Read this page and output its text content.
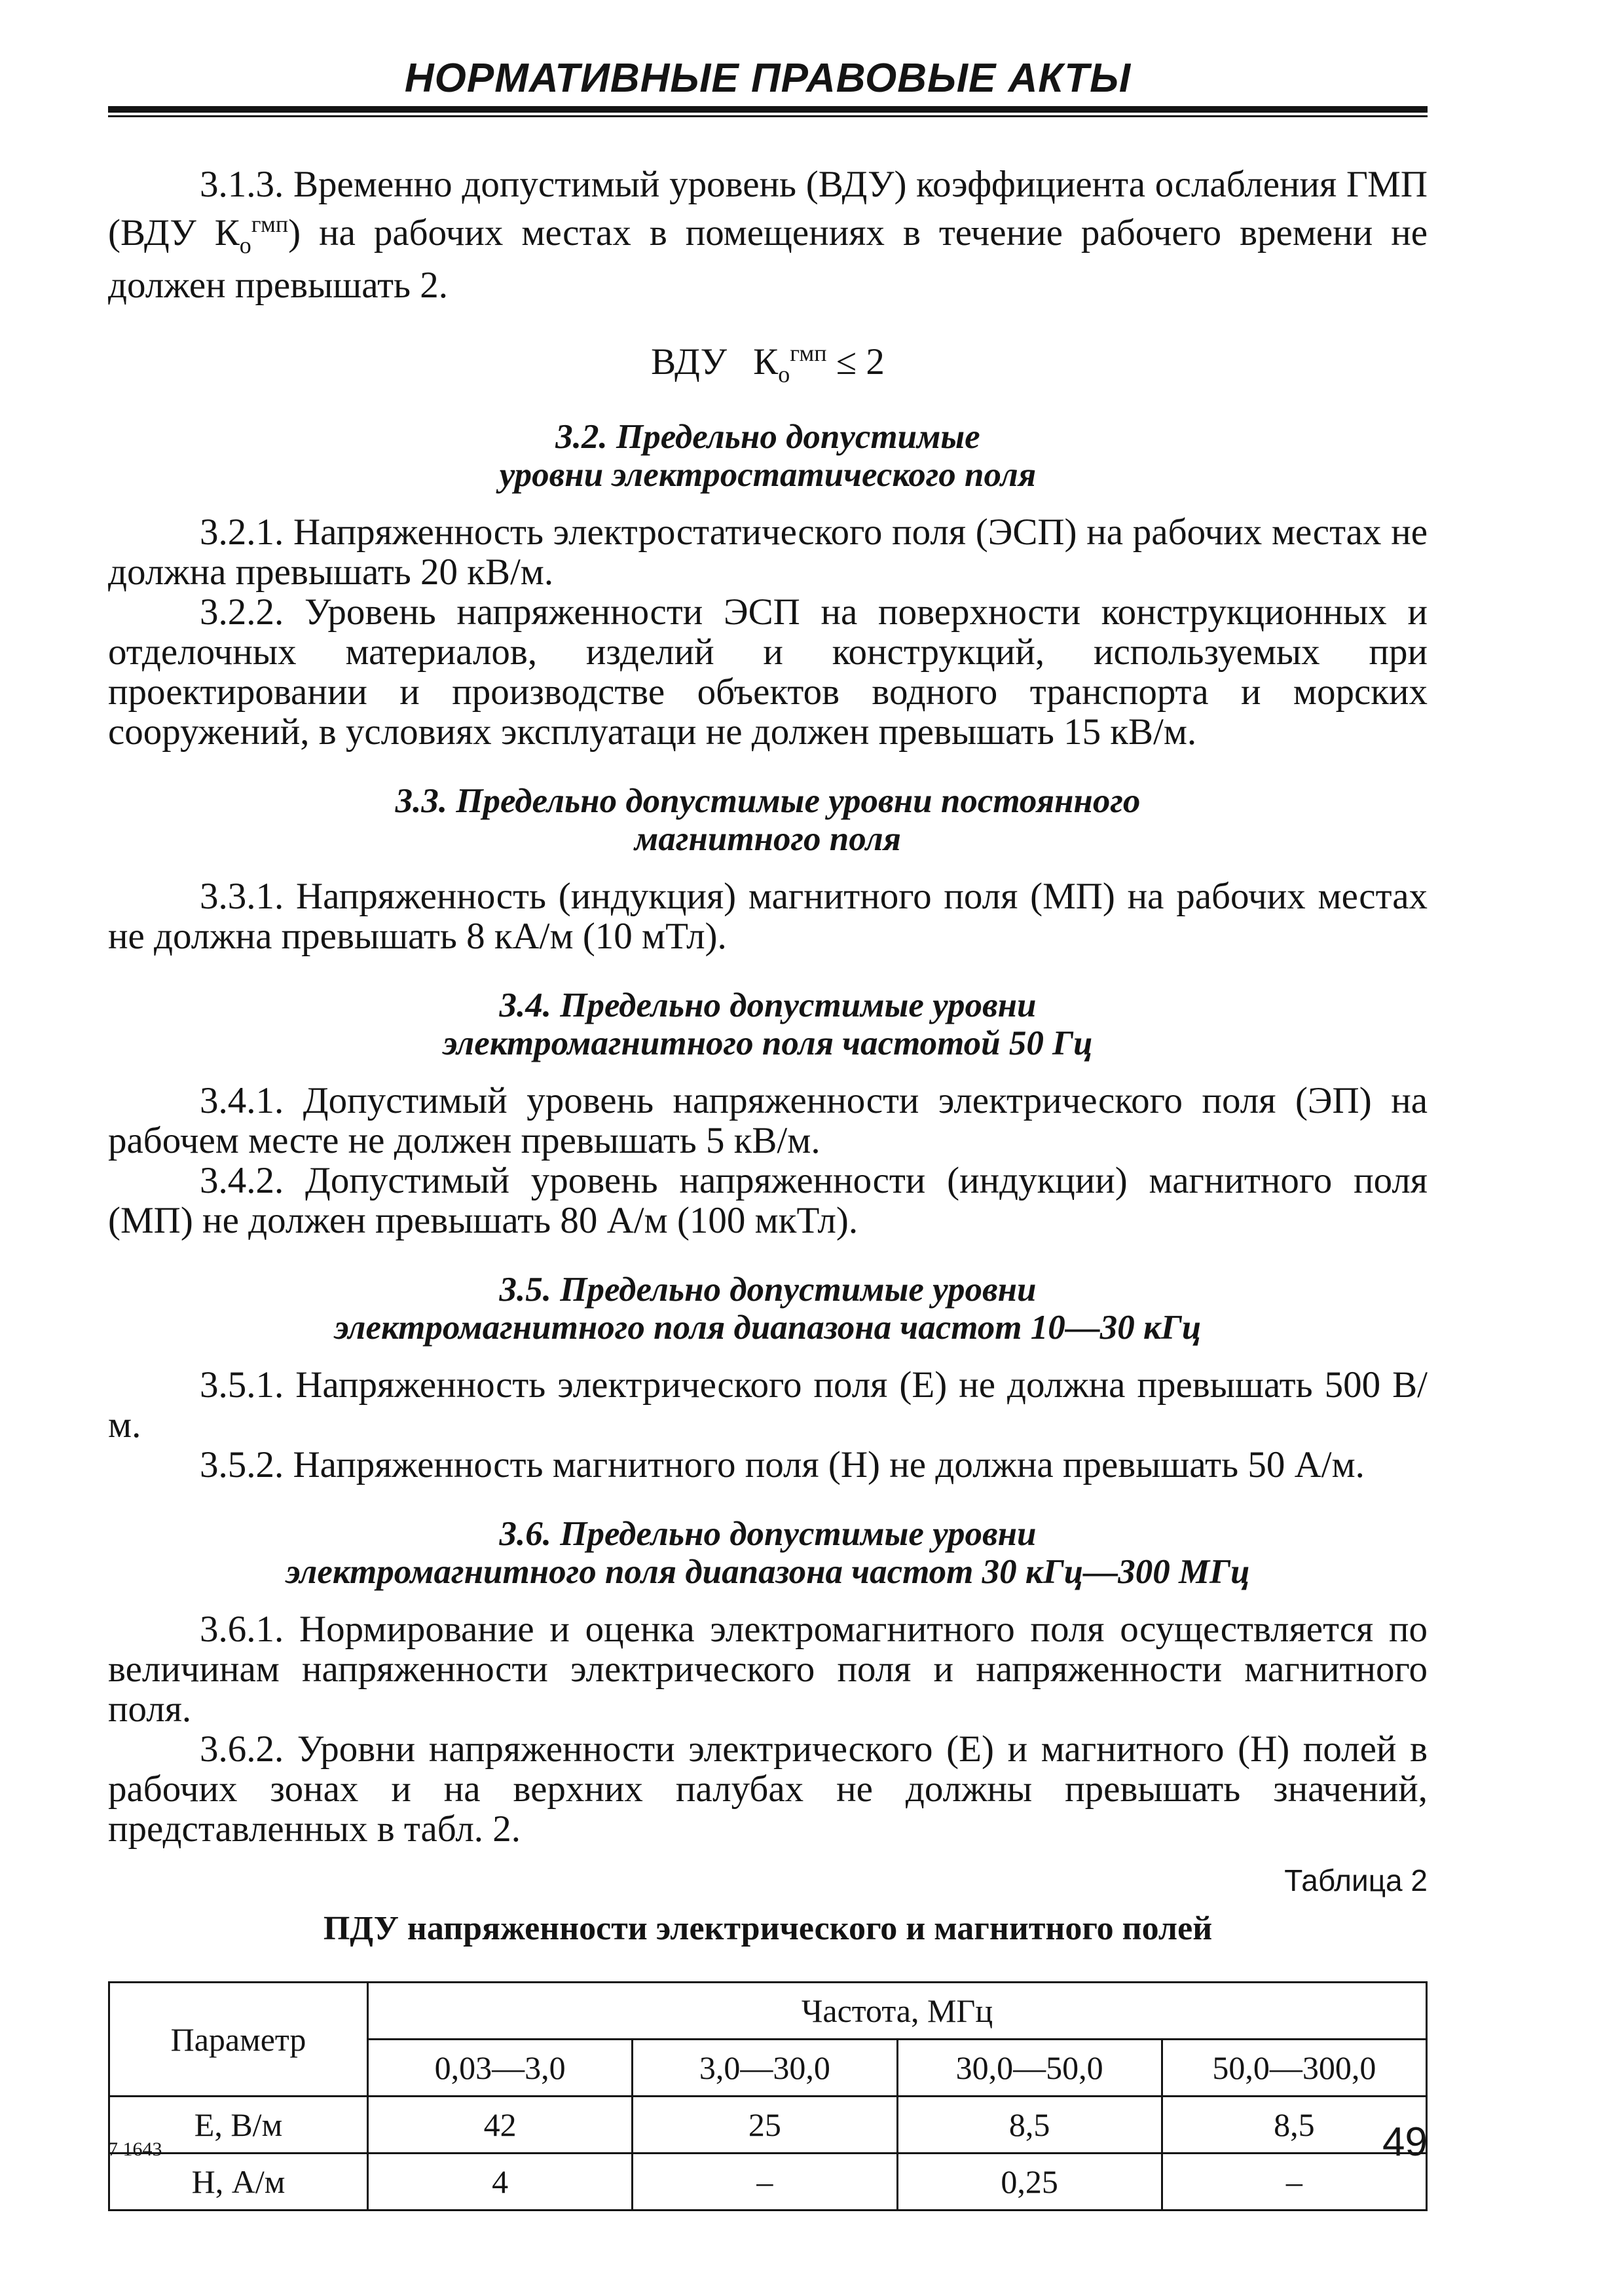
НОРМАТИВНЫЕ ПРАВОВЫЕ АКТЫ

3.1.3. Временно допустимый уровень (ВДУ) коэффициента ослабления ГМП (ВДУ $К_о^{гмп}$) на рабочих местах в помещениях в течение рабочего времени не должен превышать 2.

ВДУ $К_о^{гмп} \le 2$
3.2. Предельно допустимые
уровни электростатического поля

3.2.1. Напряженность электростатического поля (ЭСП) на рабочих местах не должна превышать 20 кВ/м.

3.2.2. Уровень напряженности ЭСП на поверхности конструкционных и отделочных материалов, изделий и конструкций, используемых при проектировании и производстве объектов водного транспорта и морских сооружений, в условиях эксплуатаци не должен превышать 15 кВ/м.

3.3. Предельно допустимые уровни постоянного
магнитного поля

3.3.1. Напряженность (индукция) магнитного поля (МП) на рабочих местах не должна превышать 8 кА/м (10 мТл).

3.4. Предельно допустимые уровни
электромагнитного поля частотой 50 Гц

3.4.1. Допустимый уровень напряженности электрического поля (ЭП) на рабочем месте не должен превышать 5 кВ/м.

3.4.2. Допустимый уровень напряженности (индукции) магнитного поля (МП) не должен превышать 80 А/м (100 мкТл).

3.5. Предельно допустимые уровни
электромагнитного поля диапазона частот 10—30 кГц

3.5.1. Напряженность электрического поля (Е) не должна превышать 500 В/м.

3.5.2. Напряженность магнитного поля (Н) не должна превышать 50 А/м.

3.6. Предельно допустимые уровни
электромагнитного поля диапазона частот 30 кГц—300 МГц

3.6.1. Нормирование и оценка электромагнитного поля осуществляется по величинам напряженности электрического поля и напряженности магнитного поля.

3.6.2. Уровни напряженности электрического (Е) и магнитного (Н) полей в рабочих зонах и на верхних палубах не должны превышать значений, представленных в табл. 2.

Таблица 2
ПДУ напряженности электрического и магнитного полей
Параметр	Частота, МГц			
	0,03—3,0	3,0—30,0	30,0—50,0	50,0—300,0
Е, В/м	42	25	8,5	8,5
Н, А/м	4	–	0,25	–
7 1643	49
